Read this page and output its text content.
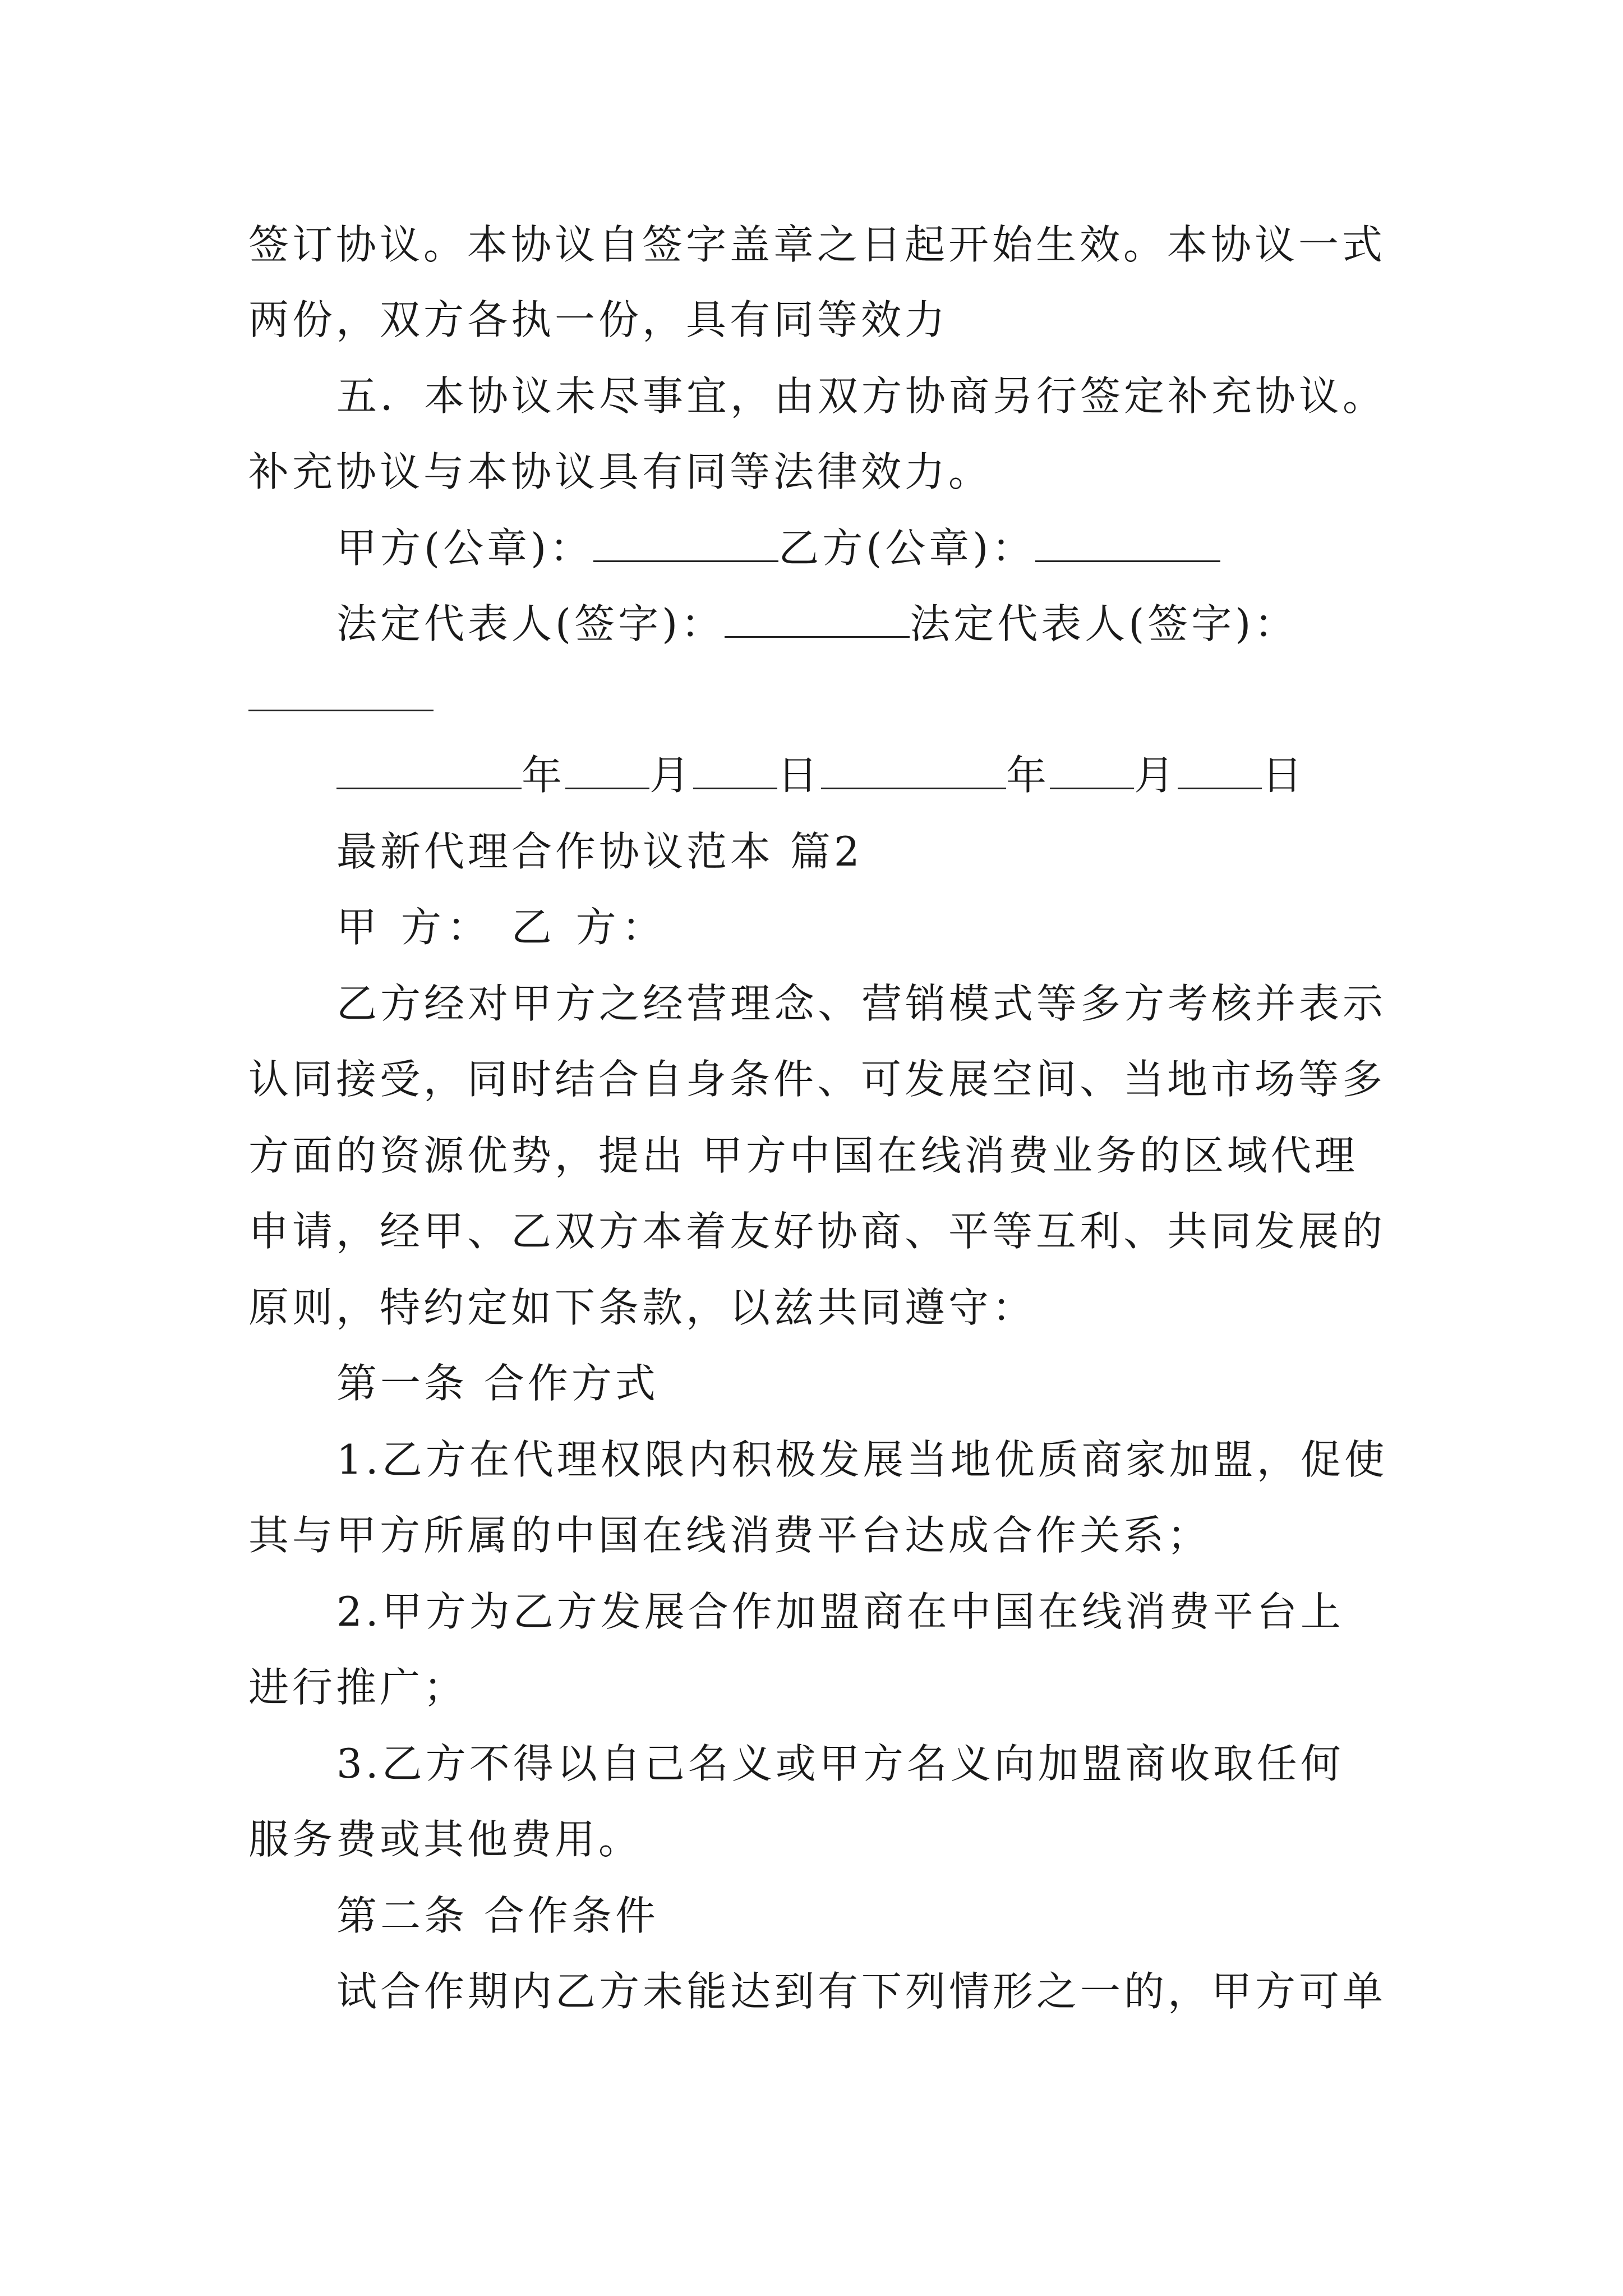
签订协议。本协议自签字盖章之日起开始生效。本协议一式
两份，双方各执一份，具有同等效力
五．本协议未尽事宜，由双方协商另行签定补充协议。
补充协议与本协议具有同等法律效力。
甲方(公章)：	乙方(公章)：
法定代表人(签字)：	法定代表人(签字)：
年 月 日	年 月 日
最新代理合作协议范本 篇2
甲 方： 乙 方：
乙方经对甲方之经营理念、营销模式等多方考核并表示
认同接受，同时结合自身条件、可发展空间、当地市场等多
方面的资源优势，提出 甲方中国在线消费业务的区域代理
申请，经甲、乙双方本着友好协商、平等互利、共同发展的
原则，特约定如下条款，以兹共同遵守：
第一条 合作方式
1.乙方在代理权限内积极发展当地优质商家加盟，促使
其与甲方所属的中国在线消费平台达成合作关系；
2.甲方为乙方发展合作加盟商在中国在线消费平台上
进行推广；
3.乙方不得以自己名义或甲方名义向加盟商收取任何
服务费或其他费用。
第二条 合作条件
试合作期内乙方未能达到有下列情形之一的，甲方可单
